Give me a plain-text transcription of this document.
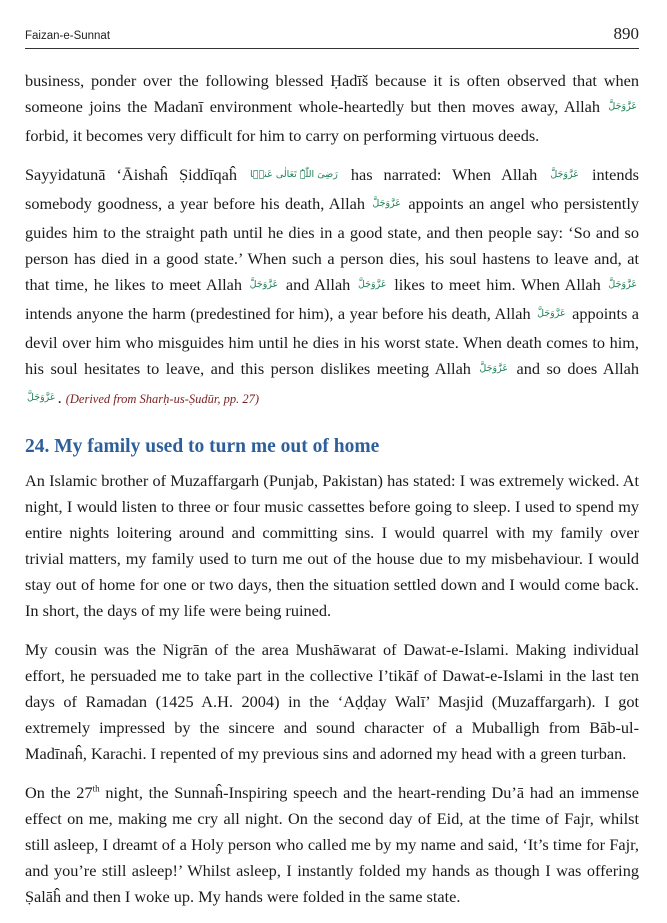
Faizan-e-Sunnat	890

business, ponder over the following blessed Ḥadīš because it is often observed that when someone joins the Madanī environment whole-heartedly but then moves away, Allah عَزَّوَجَلَّ forbid, it becomes very difficult for him to carry on performing virtuous deeds.

Sayyidatunā ‘Āishaĥ Ṣiddīqaĥ رَضِیَ اللّٰہُ تَعَالٰی عَنۡہَا has narrated: When Allah عَزَّوَجَلَّ intends somebody goodness, a year before his death, Allah عَزَّوَجَلَّ appoints an angel who persistently guides him to the straight path until he dies in a good state, and then people say: ‘So and so person has died in a good state.’ When such a person dies, his soul hastens to leave and, at that time, he likes to meet Allah عَزَّوَجَلَّ and Allah عَزَّوَجَلَّ likes to meet him. When Allah عَزَّوَجَلَّ intends anyone the harm (predestined for him), a year before his death, Allah عَزَّوَجَلَّ appoints a devil over him who misguides him until he dies in his worst state. When death comes to him, his soul hesitates to leave, and this person dislikes meeting Allah عَزَّوَجَلَّ and so does Allah عَزَّوَجَلَّ . (Derived from Sharḥ-us-Ṣudūr, pp. 27)

24. My family used to turn me out of home

An Islamic brother of Muzaffargarh (Punjab, Pakistan) has stated: I was extremely wicked. At night, I would listen to three or four music cassettes before going to sleep. I used to spend my entire nights loitering around and committing sins. I would quarrel with my family over trivial matters, my family used to turn me out of the house due to my misbehaviour. I would stay out of home for one or two days, then the situation settled down and I would come back. In short, the days of my life were being ruined.

My cousin was the Nigrān of the area Mushāwarat of Dawat-e-Islami. Making individual effort, he persuaded me to take part in the collective I’tikāf of Dawat-e-Islami in the last ten days of Ramadan (1425 A.H. 2004) in the ‘Aḍḍay Walī’ Masjid (Muzaffargarh). I got extremely impressed by the sincere and sound character of a Muballigh from Bāb-ul-Madīnaĥ, Karachi. I repented of my previous sins and adorned my head with a green turban.

On the 27th night, the Sunnaĥ-Inspiring speech and the heart-rending Du’ā had an immense effect on me, making me cry all night. On the second day of Eid, at the time of Fajr, whilst still asleep, I dreamt of a Holy person who called me by my name and said, ‘It’s time for Fajr, and you’re still asleep!’ Whilst asleep, I instantly folded my hands as though I was offering Ṣalāĥ and then I woke up. My hands were folded in the same state.
